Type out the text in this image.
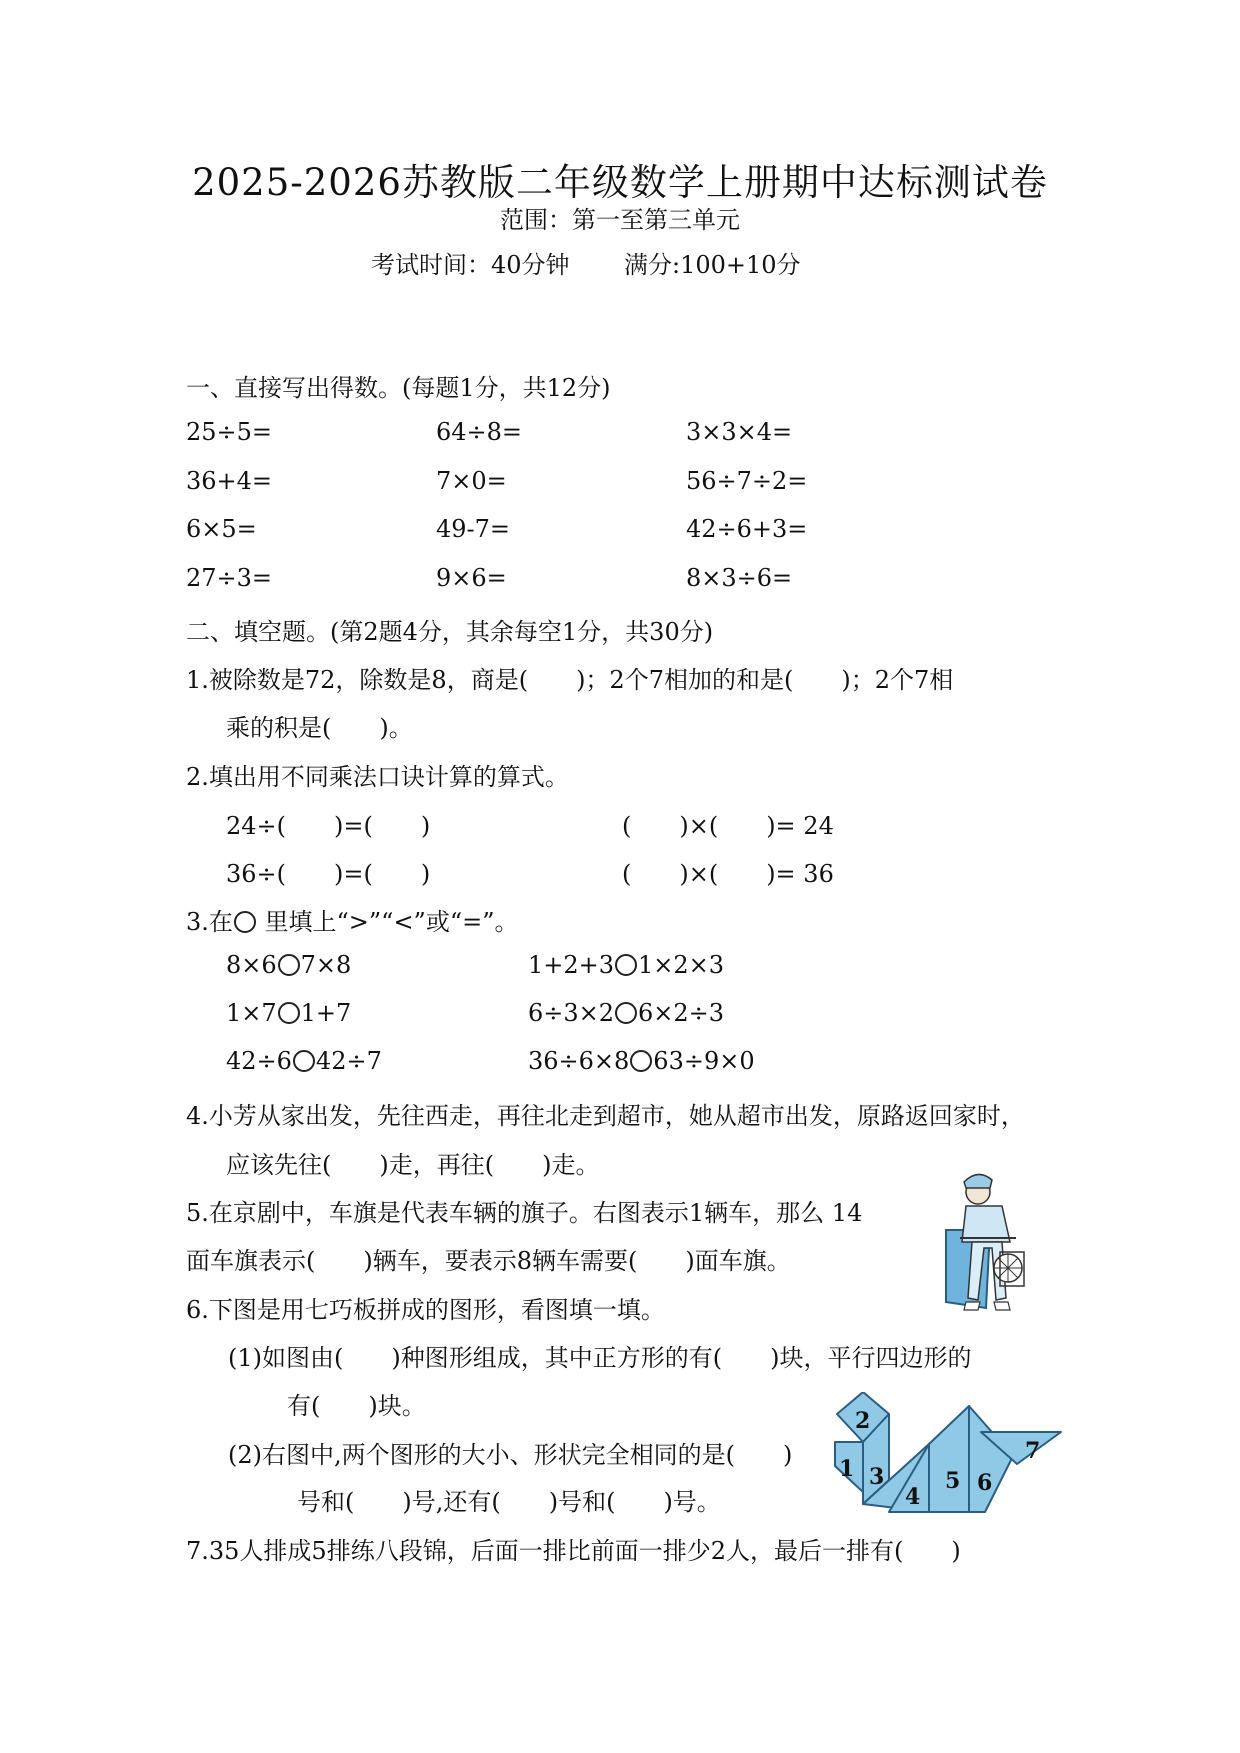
2025-2026苏教版二年级数学上册期中达标测试卷
范围：第一至第三单元
考试时间：40分钟 满分:100+10分
一、直接写出得数。(每题1分，共12分)
25÷5=	64÷8=	3×3×4=
36+4=	7×0=	56÷7÷2=
6×5=	49-7=	42÷6+3=
27÷3=	9×6=	8×3÷6=
二、填空题。(第2题4分，其余每空1分，共30分)
1.被除数是72，除数是8，商是(　　)；2个7相加的和是(　　)；2个7相
乘的积是(　　)。
2.填出用不同乘法口诀计算的算式。
24÷(　　)=(　　)	(　　)×(　　)= 24
36÷(　　)=(　　)	(　　)×(　　)= 36
3.在 里填上“>”“<”或“=”。
8×6 7×8	1+2+3 1×2×3
1×7 1+7	6÷3×2 6×2÷3
42÷6 42÷7	36÷6×8 63÷9×0
4.小芳从家出发，先往西走，再往北走到超市，她从超市出发，原路返回家时，
应该先往(　　)走，再往(　　)走。
5.在京剧中，车旗是代表车辆的旗子。右图表示1辆车，那么 14
面车旗表示(　　)辆车，要表示8辆车需要(　　)面车旗。
6.下图是用七巧板拼成的图形，看图填一填。
(1)如图由(　　)种图形组成，其中正方形的有(　　)块，平行四边形的
有(　　)块。
(2)右图中,两个图形的大小、形状完全相同的是(　　)
号和(　　)号,还有(　　)号和(　　)号。
1
2
3
4
5 6
7
7.35人排成5排练八段锦，后面一排比前面一排少2人，最后一排有(　　)
